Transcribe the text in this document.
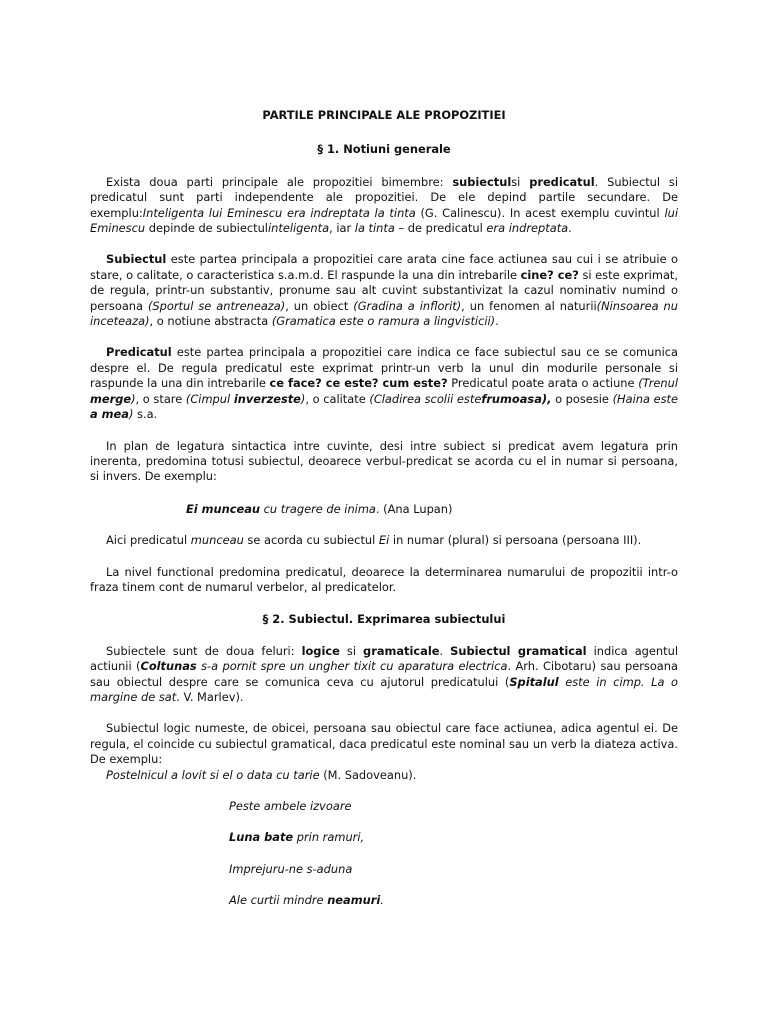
PARTILE PRINCIPALE ALE PROPOZITIEI

§ 1. Notiuni generale

Exista doua parti principale ale propozitiei bimembre: subiectulsi predicatul. Subiectul si predicatul sunt parti independente ale propozitiei. De ele depind partile secundare. De exemplu:Inteligenta lui Eminescu era indreptata la tinta (G. Calinescu). In acest exemplu cuvintul lui Eminescu depinde de subiectulinteligenta, iar la tinta – de predicatul era indreptata.

Subiectul este partea principala a propozitiei care arata cine face actiunea sau cui i se atribuie o stare, o calitate, o caracteristica s.a.m.d. El raspunde la una din intrebarile cine? ce? si este exprimat, de regula, printr-un substantiv, pronume sau alt cuvint substantivizat la cazul nominativ numind o persoana (Sportul se antreneaza), un obiect (Gradina a inflorit), un fenomen al naturii(Ninsoarea nu inceteaza), o notiune abstracta (Gramatica este o ramura a lingvisticii).

Predicatul este partea principala a propozitiei care indica ce face subiectul sau ce se comunica despre el. De regula predicatul este exprimat printr-un verb la unul din modurile personale si raspunde la una din intrebarile ce face? ce este? cum este? Predicatul poate arata o actiune (Trenul merge), o stare (Cimpul inverzeste), o calitate (Cladirea scolii estefrumoasa), o posesie (Haina este a mea) s.a.

In plan de legatura sintactica intre cuvinte, desi intre subiect si predicat avem legatura prin inerenta, predomina totusi subiectul, deoarece verbul-predicat se acorda cu el in numar si persoana, si invers. De exemplu:

Ei munceau cu tragere de inima. (Ana Lupan)

Aici predicatul munceau se acorda cu subiectul Ei in numar (plural) si persoana (persoana III).

La nivel functional predomina predicatul, deoarece la determinarea numarului de propozitii intr-o fraza tinem cont de numarul verbelor, al predicatelor.

§ 2. Subiectul. Exprimarea subiectului

Subiectele sunt de doua feluri: logice si gramaticale. Subiectul gramatical indica agentul actiunii (Coltunas s-a pornit spre un ungher tixit cu aparatura electrica. Arh. Cibotaru) sau persoana sau obiectul despre care se comunica ceva cu ajutorul predicatului (Spitalul este in cimp. La o margine de sat. V. Marlev).

Subiectul logic numeste, de obicei, persoana sau obiectul care face actiunea, adica agentul ei. De regula, el coincide cu subiectul gramatical, daca predicatul este nominal sau un verb la diateza activa. De exemplu:

Postelnicul a lovit si el o data cu tarie (M. Sadoveanu).

Peste ambele izvoare

Luna bate prin ramuri,

Imprejuru-ne s-aduna

Ale curtii mindre neamuri.
